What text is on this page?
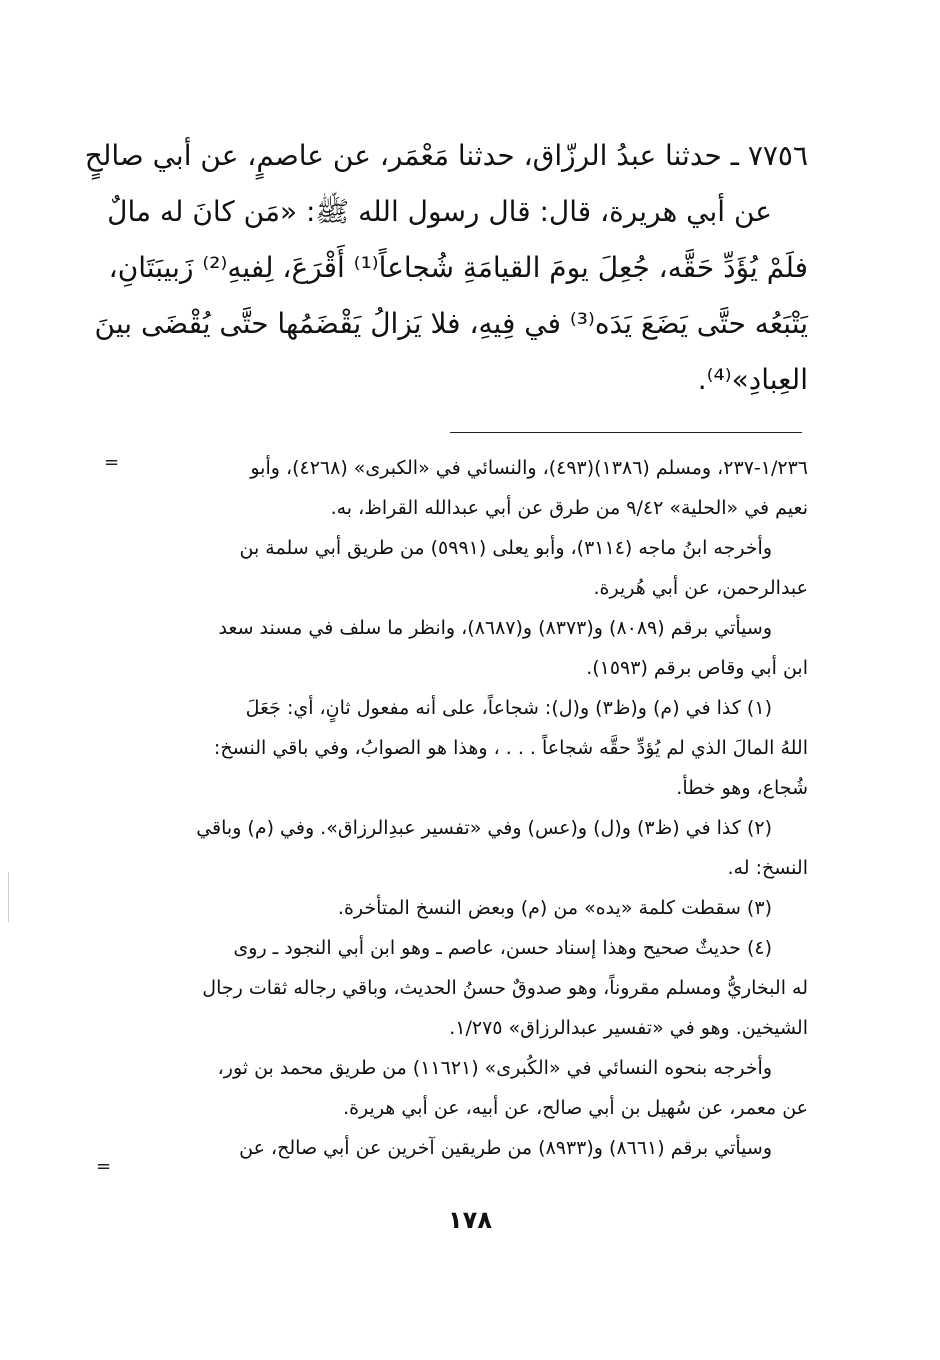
٧٧٥٦ ـ حدثنا عبدُ الرزّاق، حدثنا مَعْمَر، عن عاصمٍ، عن أبي صالحٍ
عن أبي هريرة، قال: قال رسول الله ﷺ: «مَن كانَ له مالٌ
فلَمْ يُؤَدِّ حَقَّه، جُعِلَ يومَ القيامَةِ شُجاعاً⁽¹⁾ أَقْرَعَ، لِفيهِ⁽²⁾ زَبيبَتَانِ،
يَتْبَعُه حتَّى يَضَعَ يَدَه⁽³⁾ في فِيهِ، فلا يَزالُ يَقْضَمُها حتَّى يُقْضَى بينَ
العِبادِ»⁽⁴⁾.
=	١/٢٣٦-٢٣٧، ومسلم (١٣٨٦)(٤٩٣)، والنسائي في «الكبرى» (٤٢٦٨)، وأبو
نعيم في «الحلية» ٩/٤٢ من طرق عن أبي عبدالله القراظ، به.
وأخرجه ابنُ ماجه (٣١١٤)، وأبو يعلى (٥٩٩١) من طريق أبي سلمة بن
عبدالرحمن، عن أبي هُريرة.
وسيأتي برقم (٨٠٨٩) و(٨٣٧٣) و(٨٦٨٧)، وانظر ما سلف في مسند سعد
ابن أبي وقاص برقم (١٥٩٣).
(١) كذا في (م) و(ظ٣) و(ل): شجاعاً، على أنه مفعول ثانٍ، أي: جَعَلَ
اللهُ المالَ الذي لم يُؤدِّ حقَّه شجاعاً . . . ، وهذا هو الصوابُ، وفي باقي النسخ:
شُجاع، وهو خطأ.
(٢) كذا في (ظ٣) و(ل) و(عس) وفي «تفسير عبدِالرزاق». وفي (م) وباقي
النسخ: له.
(٣) سقطت كلمة «يده» من (م) وبعض النسخ المتأخرة.
(٤) حديثٌ صحيح وهذا إسناد حسن، عاصم ـ وهو ابن أبي النجود ـ روى
له البخاريُّ ومسلم مقروناً، وهو صدوقٌ حسنُ الحديث، وباقي رجاله ثقات رجال
الشيخين. وهو في «تفسير عبدالرزاق» ١/٢٧٥.
وأخرجه بنحوه النسائي في «الكُبرى» (١١٦٢١) من طريق محمد بن ثور،
عن معمر، عن سُهيل بن أبي صالح، عن أبيه، عن أبي هريرة.
وسيأتي برقم (٨٦٦١) و(٨٩٣٣) من طريقين آخرين عن أبي صالح، عن
=
١٧٨
